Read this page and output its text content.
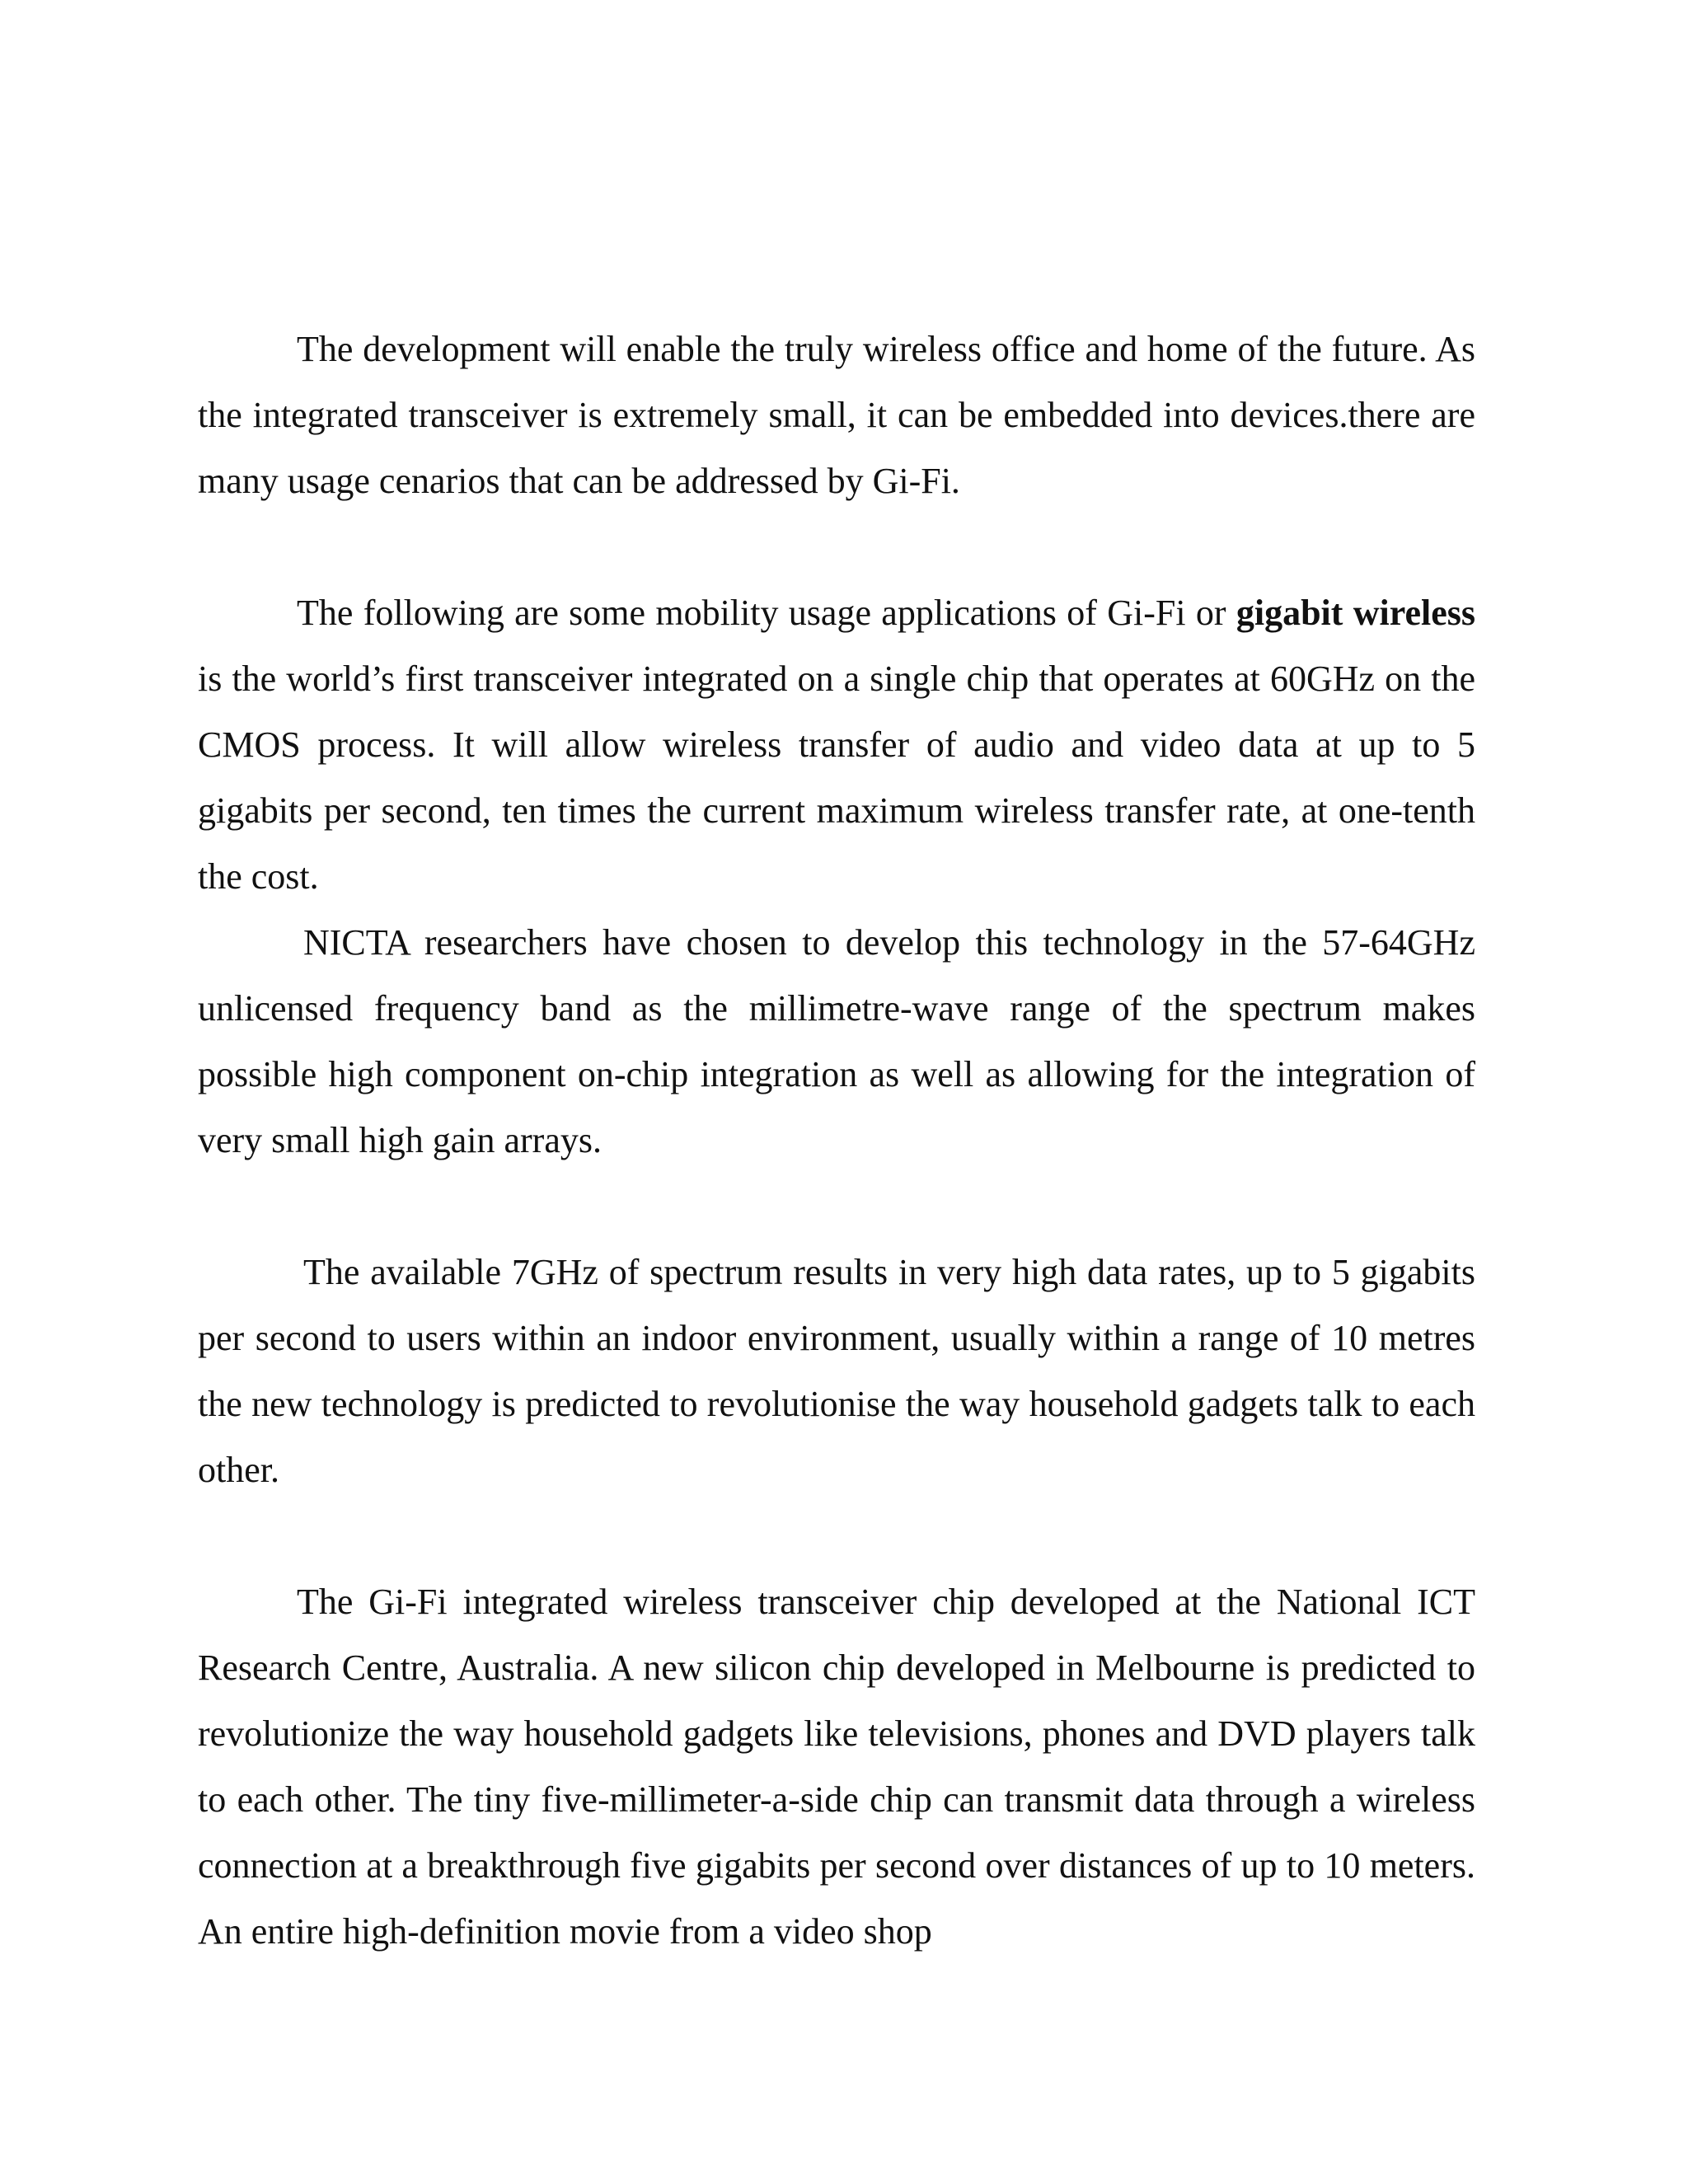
The development will enable the truly wireless office and home of the future. As the integrated transceiver is extremely small, it can be embedded into devices.there are many usage cenarios that can be addressed by Gi-Fi.

The following are some mobility usage applications of Gi-Fi or gigabit wireless is the world’s first transceiver integrated on a single chip that operates at 60GHz on the CMOS process. It will allow wireless transfer of audio and video data at up to 5 gigabits per second, ten times the current maximum wireless transfer rate, at one-tenth the cost.

NICTA researchers have chosen to develop this technology in the 57-64GHz unlicensed frequency band as the millimetre-wave range of the spectrum makes possible high component on-chip integration as well as allowing for the integration of very small high gain arrays.

The available 7GHz of spectrum results in very high data rates, up to 5 gigabits per second to users within an indoor environment, usually within a range of 10 metres the new technology is predicted to revolutionise the way household gadgets talk to each other.

The Gi-Fi integrated wireless transceiver chip developed at the National ICT Research Centre, Australia. A new silicon chip developed in Melbourne is predicted to revolutionize the way household gadgets like televisions, phones and DVD players talk to each other. The tiny five-millimeter-a-side chip can transmit data through a wireless connection at a breakthrough five gigabits per second over distances of up to 10 meters. An entire high-definition movie from a video shop
